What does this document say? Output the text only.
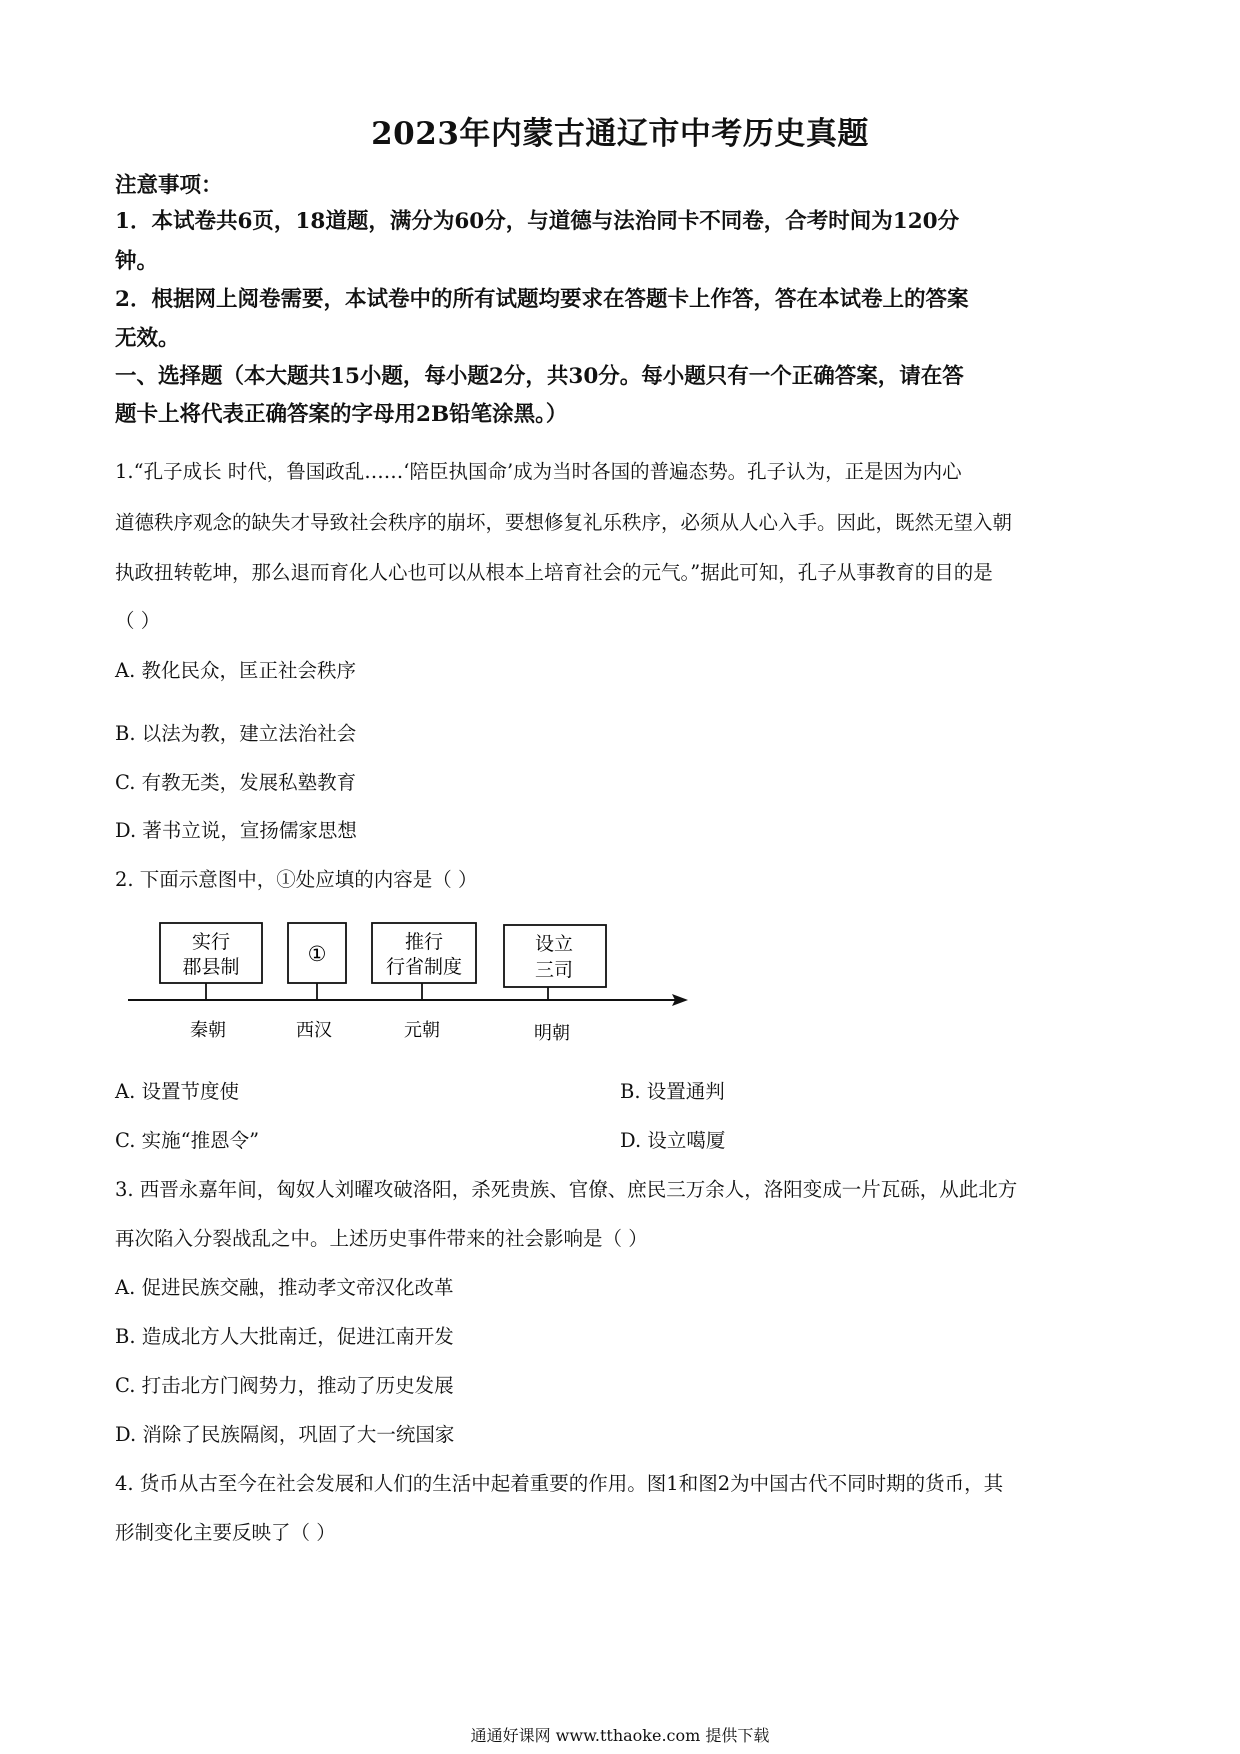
2023年内蒙古通辽市中考历史真题
注意事项：
1．本试卷共6页，18道题，满分为60分，与道德与法治同卡不同卷，合考时间为120分
钟。
2．根据网上阅卷需要，本试卷中的所有试题均要求在答题卡上作答，答在本试卷上的答案
无效。
一、选择题（本大题共15小题，每小题2分，共30分。每小题只有一个正确答案，请在答
题卡上将代表正确答案的字母用2B铅笔涂黑。）
1.“孔子成长 时代，鲁国政乱……‘陪臣执国命’成为当时各国的普遍态势。孔子认为，正是因为内心
道德秩序观念的缺失才导致社会秩序的崩坏，要想修复礼乐秩序，必须从人心入手。因此，既然无望入朝
执政扭转乾坤，那么退而育化人心也可以从根本上培育社会的元气。”据此可知，孔子从事教育的目的是
（ ）
A. 教化民众，匡正社会秩序
B. 以法为教，建立法治社会
C. 有教无类，发展私塾教育
D. 著书立说，宣扬儒家思想
2. 下面示意图中，①处应填的内容是（ ）
实行
郡县制
①	推行
行省制度
设立
三司
秦朝	西汉	元朝	明朝
A. 设置节度使	B. 设置通判
C. 实施“推恩令”	D. 设立噶厦
3. 西晋永嘉年间，匈奴人刘曜攻破洛阳，杀死贵族、官僚、庶民三万余人，洛阳变成一片瓦砾，从此北方
再次陷入分裂战乱之中。上述历史事件带来的社会影响是（ ）
A. 促进民族交融，推动孝文帝汉化改革
B. 造成北方人大批南迁，促进江南开发
C. 打击北方门阀势力，推动了历史发展
D. 消除了民族隔阂，巩固了大一统国家
4. 货币从古至今在社会发展和人们的生活中起着重要的作用。图1和图2为中国古代不同时期的货币，其
形制变化主要反映了（ ）
通通好课网 www.tthaoke.com 提供下载
